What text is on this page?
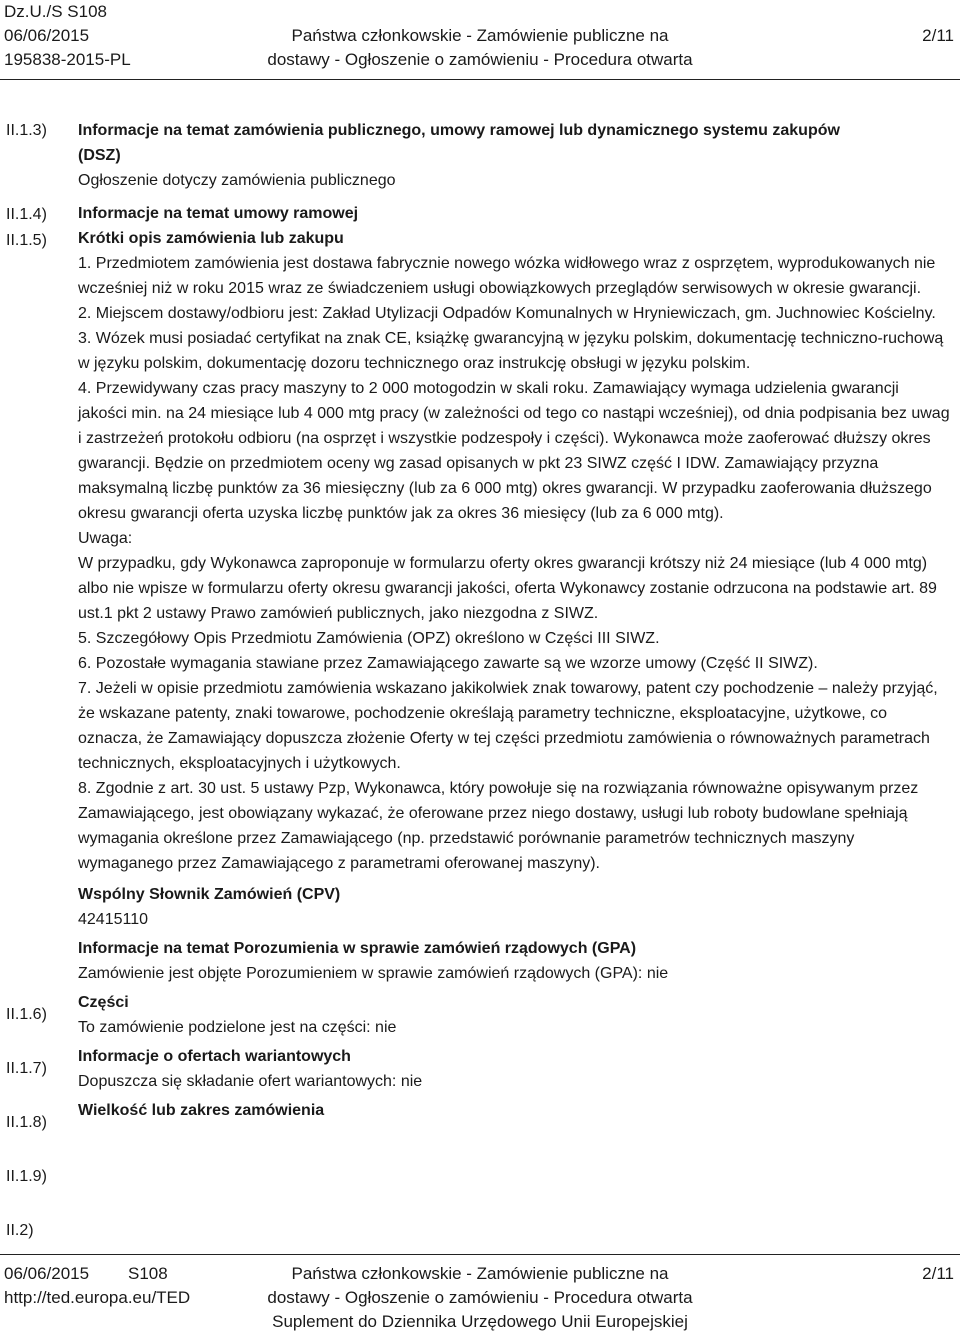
Dz.U./S S108
06/06/2015
195838-2015-PL
Państwa członkowskie - Zamówienie publiczne na
dostawy - Ogłoszenie o zamówieniu - Procedura otwarta
2/11
II.1.3)
II.1.4)
II.1.5)
II.1.6)
II.1.7)
II.1.8)
II.1.9)
II.2)
Informacje na temat zamówienia publicznego, umowy ramowej lub dynamicznego systemu zakupów
(DSZ)
Ogłoszenie dotyczy zamówienia publicznego
Informacje na temat umowy ramowej
Krótki opis zamówienia lub zakupu

1. Przedmiotem zamówienia jest dostawa fabrycznie nowego wózka widłowego wraz z osprzętem, wyprodukowanych nie wcześniej niż w roku 2015 wraz ze świadczeniem usługi obowiązkowych przeglądów serwisowych w okresie gwarancji.

2. Miejscem dostawy/odbioru jest: Zakład Utylizacji Odpadów Komunalnych w Hryniewiczach, gm. Juchnowiec Kościelny.

3. Wózek musi posiadać certyfikat na znak CE, książkę gwarancyjną w języku polskim, dokumentację techniczno-ruchową w języku polskim, dokumentację dozoru technicznego oraz instrukcję obsługi w języku polskim.

4. Przewidywany czas pracy maszyny to 2 000 motogodzin w skali roku. Zamawiający wymaga udzielenia gwarancji jakości min. na 24 miesiące lub 4 000 mtg pracy (w zależności od tego co nastąpi wcześniej), od dnia podpisania bez uwag i zastrzeżeń protokołu odbioru (na osprzęt i wszystkie podzespoły i części). Wykonawca może zaoferować dłuższy okres gwarancji. Będzie on przedmiotem oceny wg zasad opisanych w pkt 23 SIWZ część I IDW. Zamawiający przyzna maksymalną liczbę punktów za 36 miesięczny (lub za 6 000 mtg) okres gwarancji. W przypadku zaoferowania dłuższego okresu gwarancji oferta uzyska liczbę punktów jak za okres 36 miesięcy (lub za 6 000 mtg).

Uwaga:

W przypadku, gdy Wykonawca zaproponuje w formularzu oferty okres gwarancji krótszy niż 24 miesiące (lub 4 000 mtg) albo nie wpisze w formularzu oferty okresu gwarancji jakości, oferta Wykonawcy zostanie odrzucona na podstawie art. 89 ust.1 pkt 2 ustawy Prawo zamówień publicznych, jako niezgodna z SIWZ.

5. Szczegółowy Opis Przedmiotu Zamówienia (OPZ) określono w Części III SIWZ.

6. Pozostałe wymagania stawiane przez Zamawiającego zawarte są we wzorze umowy (Część II SIWZ).

7. Jeżeli w opisie przedmiotu zamówienia wskazano jakikolwiek znak towarowy, patent czy pochodzenie – należy przyjąć, że wskazane patenty, znaki towarowe, pochodzenie określają parametry techniczne, eksploatacyjne, użytkowe, co oznacza, że Zamawiający dopuszcza złożenie Oferty w tej części przedmiotu zamówienia o równoważnych parametrach technicznych, eksploatacyjnych i użytkowych.

8. Zgodnie z art. 30 ust. 5 ustawy Pzp, Wykonawca, który powołuje się na rozwiązania równoważne opisywanym przez Zamawiającego, jest obowiązany wykazać, że oferowane przez niego dostawy, usługi lub roboty budowlane spełniają wymagania określone przez Zamawiającego (np. przedstawić porównanie parametrów technicznych maszyny wymaganego przez Zamawiającego z parametrami oferowanej maszyny).

Wspólny Słownik Zamówień (CPV)
42415110
Informacje na temat Porozumienia w sprawie zamówień rządowych (GPA)
Zamówienie jest objęte Porozumieniem w sprawie zamówień rządowych (GPA): nie
Części
To zamówienie podzielone jest na części: nie
Informacje o ofertach wariantowych
Dopuszcza się składanie ofert wariantowych: nie
Wielkość lub zakres zamówienia
06/06/2015 S108
http://ted.europa.eu/TED
Państwa członkowskie - Zamówienie publiczne na
dostawy - Ogłoszenie o zamówieniu - Procedura otwarta
Suplement do Dziennika Urzędowego Unii Europejskiej
2/11
